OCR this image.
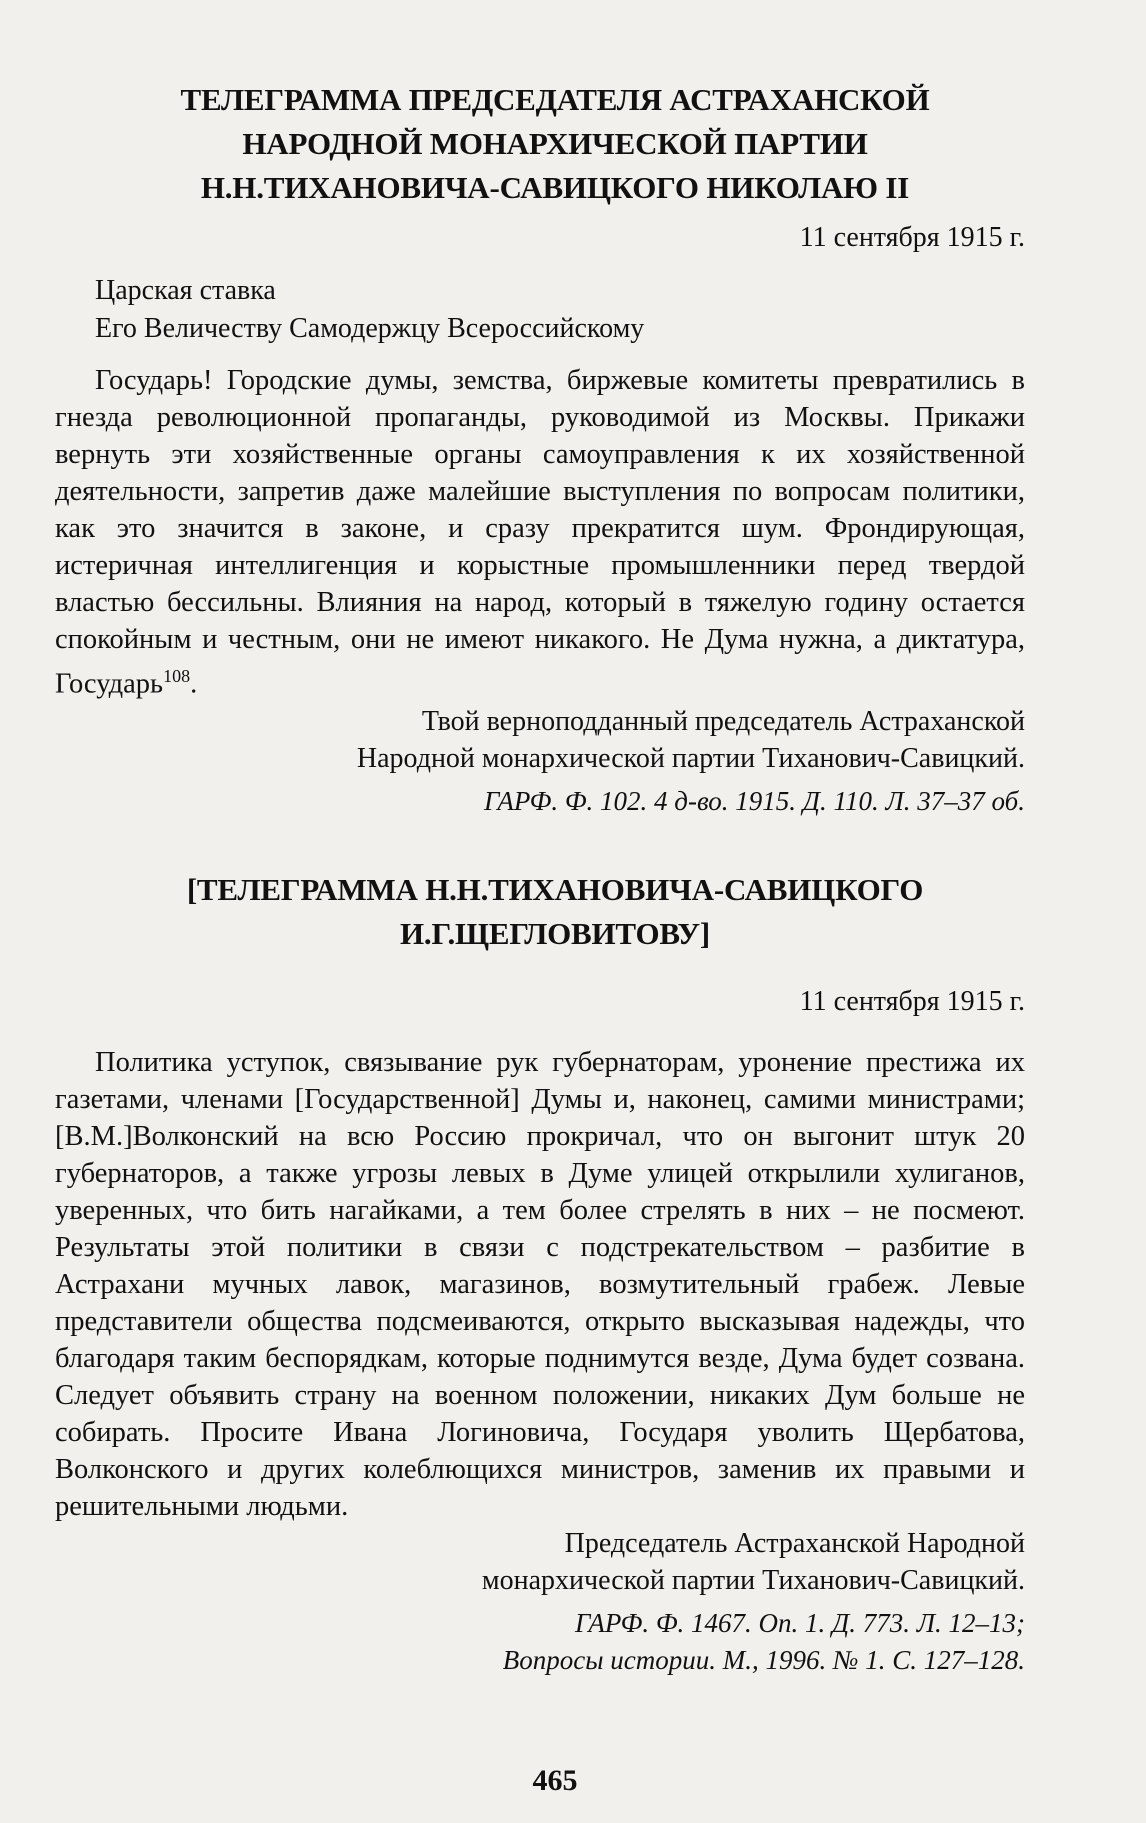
ТЕЛЕГРАММА ПРЕДСЕДАТЕЛЯ АСТРАХАНСКОЙ
НАРОДНОЙ МОНАРХИЧЕСКОЙ ПАРТИИ
Н.Н.ТИХАНОВИЧА-САВИЦКОГО НИКОЛАЮ II
11 сентября 1915 г.
Царская ставка
Его Величеству Самодержцу Всероссийскому

Государь! Городские думы, земства, биржевые комитеты превратились в гнезда революционной пропаганды, руководимой из Москвы. Прикажи вернуть эти хозяйственные органы самоуправления к их хозяйственной деятельности, запретив даже малейшие выступления по вопросам политики, как это значится в законе, и сразу прекратится шум. Фрондирующая, истеричная интеллигенция и корыстные промышленники перед твердой властью бессильны. Влияния на народ, который в тяжелую годину остается спокойным и честным, они не имеют никакого. Не Дума нужна, а диктатура, Государь$^{108}$.

Твой верноподданный председатель Астраханской
Народной монархической партии Тиханович-Савицкий.
ГАРФ. Ф. 102. 4 д-во. 1915. Д. 110. Л. 37–37 об.
[ТЕЛЕГРАММА Н.Н.ТИХАНОВИЧА-САВИЦКОГО
И.Г.ЩЕГЛОВИТОВУ]
11 сентября 1915 г.

Политика уступок, связывание рук губернаторам, уронение престижа их газетами, членами [Государственной] Думы и, наконец, самими министрами; [В.М.]Волконский на всю Россию прокричал, что он выгонит штук 20 губернаторов, а также угрозы левых в Думе улицей открылили хулиганов, уверенных, что бить нагайками, а тем более стрелять в них – не посмеют. Результаты этой политики в связи с подстрекательством – разбитие в Астрахани мучных лавок, магазинов, возмутительный грабеж. Левые представители общества подсмеиваются, открыто высказывая надежды, что благодаря таким беспорядкам, которые поднимутся везде, Дума будет созвана. Следует объявить страну на военном положении, никаких Дум больше не собирать. Просите Ивана Логиновича, Государя уволить Щербатова, Волконского и других колеблющихся министров, заменив их правыми и решительными людьми.

Председатель Астраханской Народной
монархической партии Тиханович-Савицкий.
ГАРФ. Ф. 1467. Оп. 1. Д. 773. Л. 12–13;
Вопросы истории. М., 1996. № 1. С. 127–128.
465
